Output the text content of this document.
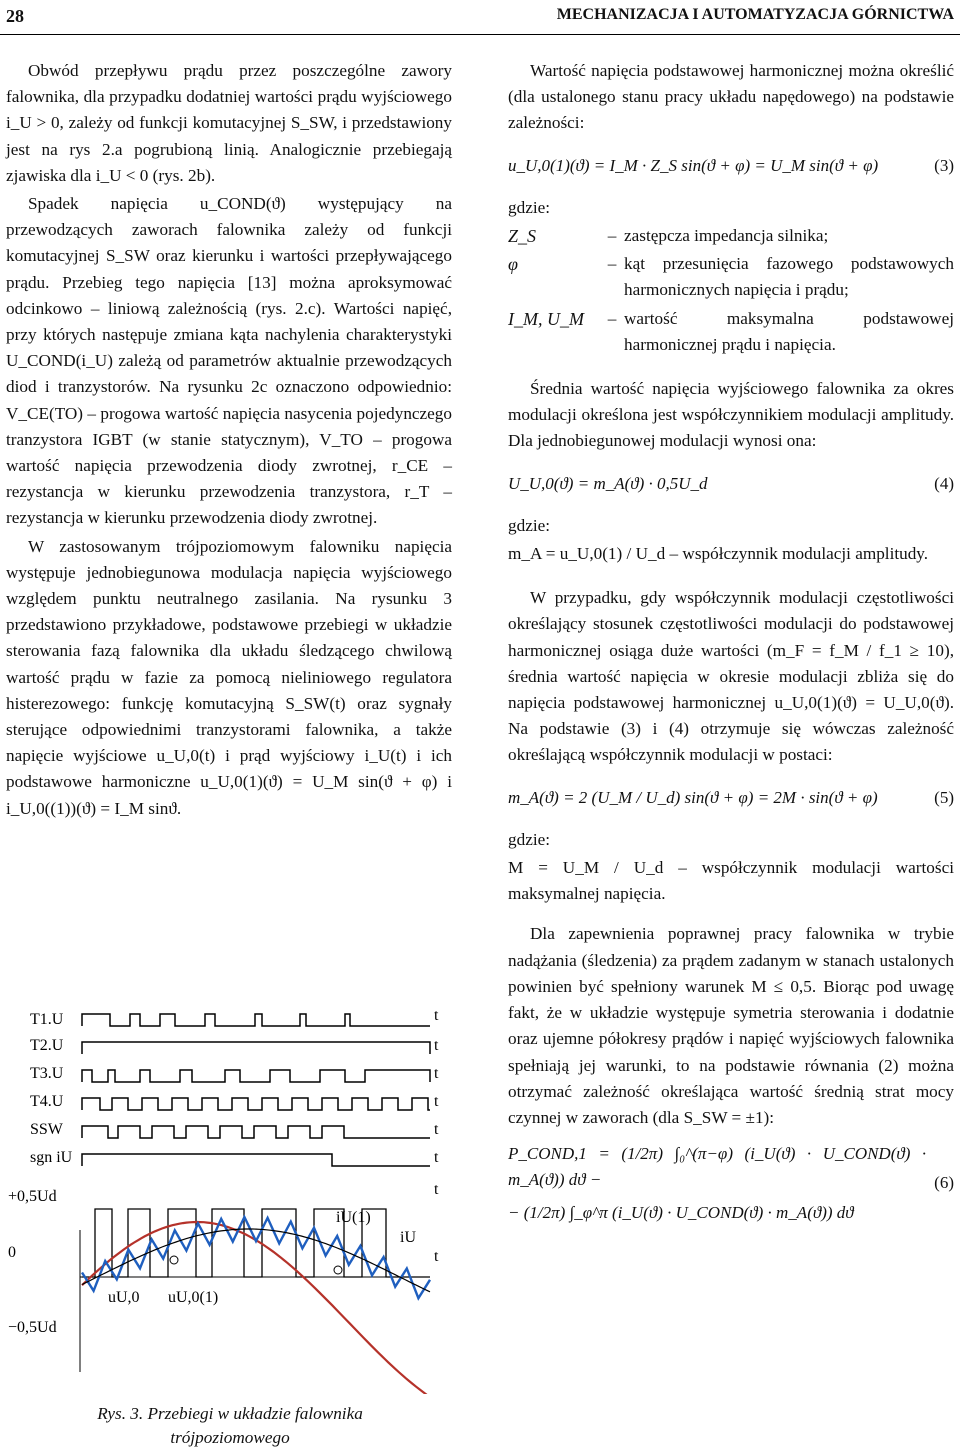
28	MECHANIZACJA I AUTOMATYZACJA GÓRNICTWA

Obwód przepływu prądu przez poszczególne zawory falownika, dla przypadku dodatniej wartości prądu wyjściowego i_U > 0, zależy od funkcji komutacyjnej S_SW, i przedstawiony jest na rys 2.a pogrubioną linią. Analogicznie przebiegają zjawiska dla i_U < 0 (rys. 2b).

Spadek napięcia u_COND(ϑ) występujący na przewodzących zaworach falownika zależy od funkcji komutacyjnej S_SW oraz kierunku i wartości przepływającego prądu. Przebieg tego napięcia [13] można aproksymować odcinkowo – liniową zależnością (rys. 2.c). Wartości napięć, przy których następuje zmiana kąta nachylenia charakterystyki U_COND(i_U) zależą od parametrów aktualnie przewodzących diod i tranzystorów. Na rysunku 2c oznaczono odpowiednio: V_CE(TO) – progowa wartość napięcia nasycenia pojedynczego tranzystora IGBT (w stanie statycznym), V_TO – progowa wartość napięcia przewodzenia diody zwrotnej, r_CE – rezystancja w kierunku przewodzenia tranzystora, r_T – rezystancja w kierunku przewodzenia diody zwrotnej.

W zastosowanym trójpoziomowym falowniku napięcia występuje jednobiegunowa modulacja napięcia wyjściowego względem punktu neutralnego zasilania. Na rysunku 3 przedstawiono przykładowe, podstawowe przebiegi w układzie sterowania fazą falownika dla układu śledzącego chwilową wartość prądu w fazie za pomocą nieliniowego regulatora histerezowego: funkcję komutacyjną S_SW(t) oraz sygnały sterujące odpowiednimi tranzystorami falownika, a także napięcie wyjściowe u_U,0(t) i prąd wyjściowy i_U(t) i ich podstawowe harmoniczne u_U,0(1)(ϑ) = U_M sin(ϑ + φ) i i_U,0((1))(ϑ) = I_M sinϑ.

T1.U
T2.U
T3.U
T4.U
SSW
sgn iU
+0,5Ud
0
−0,5Ud
t
t
t
t
t
t
t
t
iU(1)
iU
uU,0 uU,0(1)
Rys. 3. Przebiegi w układzie falownika
trójpoziomowego

Wartość napięcia podstawowej harmonicznej można określić (dla ustalonego stanu pracy układu napędowego) na podstawie zależności:

u_U,0(1)(ϑ) = I_M · Z_S sin(ϑ + φ) = U_M sin(ϑ + φ)	(3)

gdzie:

Z_S	– zastępcza impedancja silnika;
φ	– kąt przesunięcia fazowego podstawowych harmonicznych napięcia i prądu;
I_M, U_M	– wartość maksymalna podstawowej harmonicznej prądu i napięcia.

Średnia wartość napięcia wyjściowego falownika za okres modulacji określona jest współczynnikiem modulacji amplitudy. Dla jednobiegunowej modulacji wynosi ona:

U_U,0(ϑ) = m_A(ϑ) · 0,5U_d	(4)

gdzie:

m_A = u_U,0(1) / U_d – współczynnik modulacji amplitudy.

W przypadku, gdy współczynnik modulacji częstotliwości określający stosunek częstotliwości modulacji do podstawowej harmonicznej osiąga duże wartości (m_F = f_M / f_1 ≥ 10), średnia wartość napięcia w okresie modulacji zbliża się do napięcia podstawowej harmonicznej u_U,0(1)(ϑ) = U_U,0(ϑ). Na podstawie (3) i (4) otrzymuje się wówczas zależność określającą współczynnik modulacji w postaci:

m_A(ϑ) = 2 (U_M / U_d) sin(ϑ + φ) = 2M · sin(ϑ + φ)	(5)

gdzie:

M = U_M / U_d – współczynnik modulacji wartości maksymalnej napięcia.

Dla zapewnienia poprawnej pracy falownika w trybie nadążania (śledzenia) za prądem zadanym w stanach ustalonych powinien być spełniony warunek M ≤ 0,5. Biorąc pod uwagę fakt, że w układzie występuje symetria sterowania i dodatnie oraz ujemne półokresy prądów i napięć wyjściowych falownika spełniają jej warunki, to na podstawie równania (2) można otrzymać zależność określająca wartość średnią strat mocy czynnej w zaworach (dla S_SW = ±1):

P_COND,1 = (1/2π) ∫₀^(π−φ) (i_U(ϑ) · U_COND(ϑ) · m_A(ϑ)) dϑ −
− (1/2π) ∫_φ^π (i_U(ϑ) · U_COND(ϑ) · m_A(ϑ)) dϑ
(6)
